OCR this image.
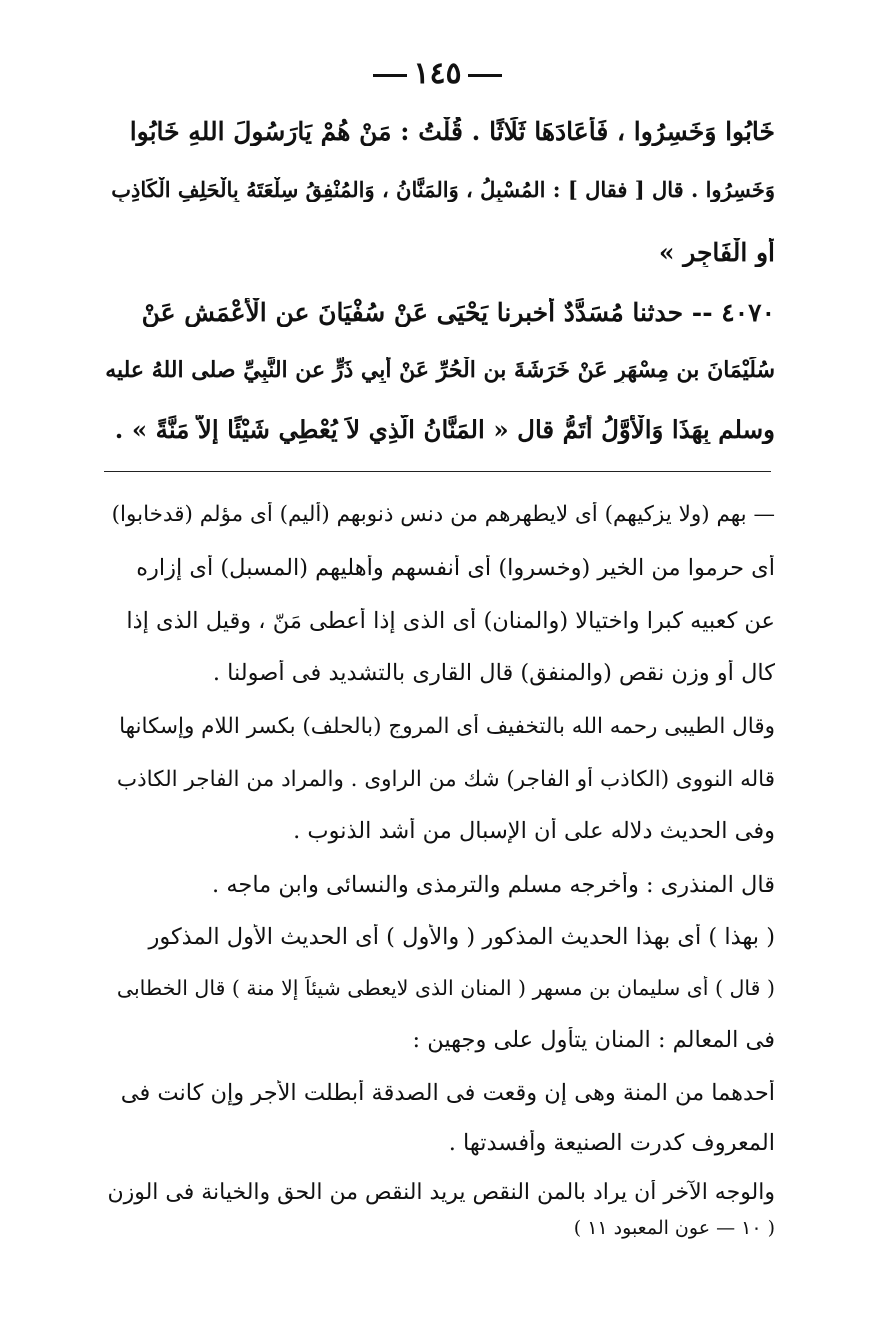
١٤٥
خَابُوا وَخَسِرُوا ، فَأَعَادَهَا ثَلَاثًا . قُلْتُ : مَنْ هُمْ يَارَسُولَ اللهِ خَابُوا
وَخَسِرُوا . قال [ فقال ] : المُسْبِلُ ، وَالمَنَّانُ ، وَالمُنْفِقُ سِلْعَتَهُ بِالْحَلِفِ الْكَاذِبِ
أَوِ الْفَاجِرِ »
٤٠٧٠ -- حدثنا مُسَدَّدٌ أخبرنا يَحْيَى عَنْ سُفْيَانَ عن الْأَعْمَشِ عَنْ
سُلَيْمَانَ بن مِسْهَرٍ عَنْ خَرَشَةَ بن الْحُرِّ عَنْ أَبِي ذَرٍّ عن النَّبِيِّ صلى اللهُ عليه
وسلم بِهَذَا وَالْأَوَّلُ أَتَمُّ قال « المَنَّانُ الَّذِي لاَ يُعْطِي شَيْئًا إلاَّ مَنَّةً » .
— بهم (ولا يزكيهم) أى لايطهرهم من دنس ذنوبهم (أليم) أى مؤلم (قدخابوا)
أى حرموا من الخير (وخسروا) أى أنفسهم وأهليهم (المسبل) أى إزاره
عن كعبيه كبرا واختيالا (والمنان) أى الذى إذا أعطى مَنّ ، وقيل الذى إذا
كال أو وزن نقص (والمنفق) قال القارى بالتشديد فى أصولنا .
وقال الطيبى رحمه الله بالتخفيف أى المروج (بالحلف) بكسر اللام وإسكانها
قاله النووى (الكاذب أو الفاجر) شك من الراوى . والمراد من الفاجر الكاذب
وفى الحديث دلاله على أن الإسبال من أشد الذنوب .
قال المنذرى : وأخرجه مسلم والترمذى والنسائى وابن ماجه .
( بهذا ) أى بهذا الحديث المذكور ( والأول ) أى الحديث الأول المذكور
( قال ) أى سليمان بن مسهر ( المنان الذى لايعطى شيئاً إلا منة ) قال الخطابى
فى المعالم : المنان يتأول على وجهين :
أحدهما من المنة وهى إن وقعت فى الصدقة أبطلت الأجر وإن كانت فى
المعروف كدرت الصنيعة وأفسدتها .
والوجه الآخر أن يراد بالمن النقص يريد النقص من الحق والخيانة فى الوزن
( ١٠ — عون المعبود ١١ )
